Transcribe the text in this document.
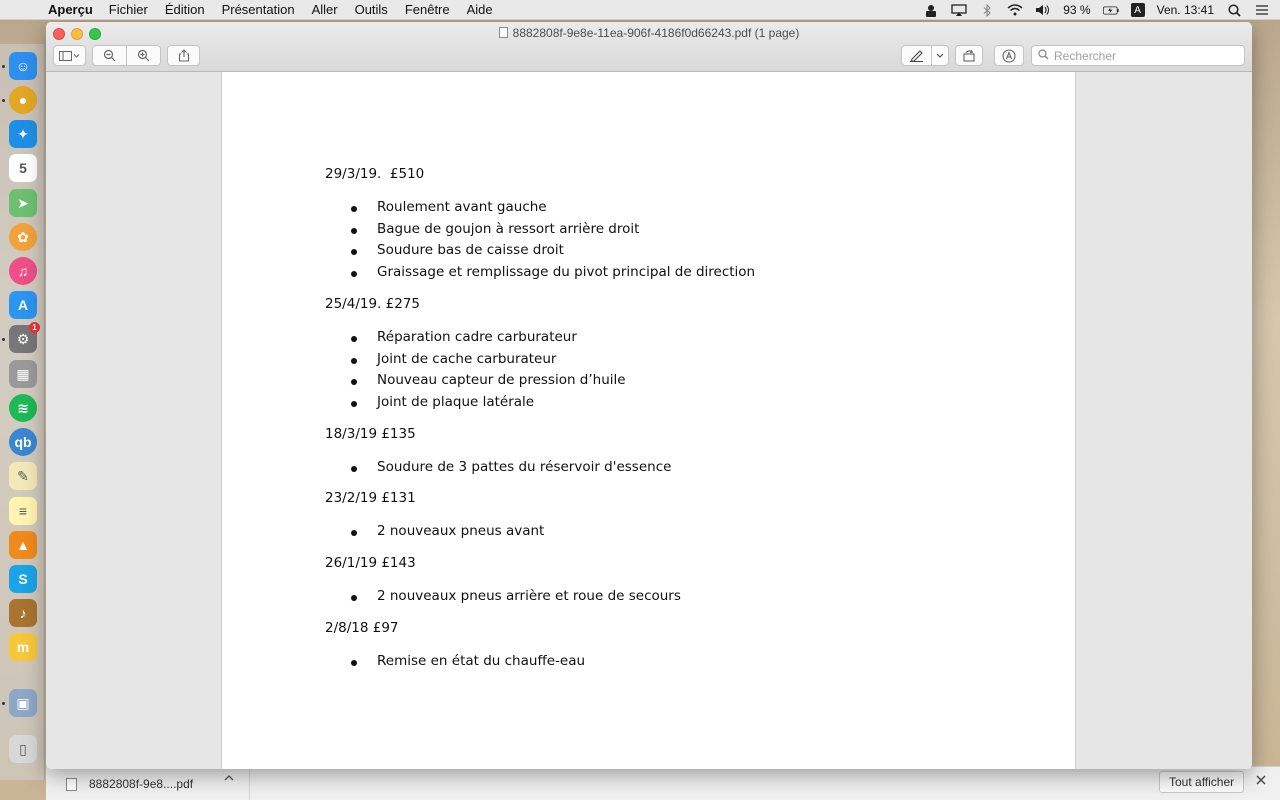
Aperçu Fichier Édition Présentation Aller Outils Fenêtre Aide	93 %	A	Ven. 13:41
☺
●
✦
5
➤
✿
♫
A
⚙
1
▦
≋
qb
✎
≡
▲
S
♪
m
▣
▯
8882808f-9e8e-11ea-906f-4186f0d66243.pdf (1 page)
Rechercher
29/3/19.  £510
Roulement avant gauche
Bague de goujon à ressort arrière droit
Soudure bas de caisse droit
Graissage et remplissage du pivot principal de direction
25/4/19. £275
Réparation cadre carburateur
Joint de cache carburateur
Nouveau capteur de pression d’huile
Joint de plaque latérale
18/3/19 £135
Soudure de 3 pattes du réservoir d'essence
23/2/19 £131
2 nouveaux pneus avant
26/1/19 £143
2 nouveaux pneus arrière et roue de secours
2/8/18 £97
Remise en état du chauffe-eau
8882808f-9e8....pdf	Tout afficher
